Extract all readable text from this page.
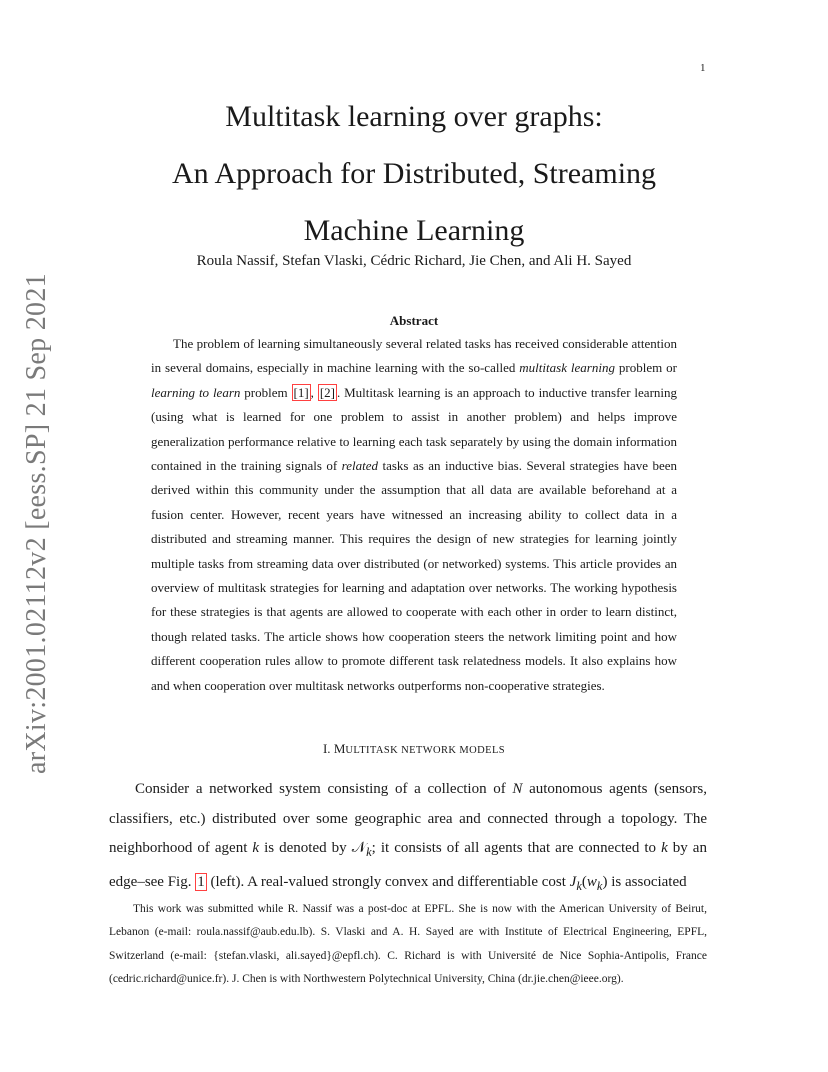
1
arXiv:2001.02112v2 [eess.SP] 21 Sep 2021
Multitask learning over graphs:
An Approach for Distributed, Streaming
Machine Learning
Roula Nassif, Stefan Vlaski, Cédric Richard, Jie Chen, and Ali H. Sayed
Abstract

The problem of learning simultaneously several related tasks has received considerable attention in several domains, especially in machine learning with the so-called multitask learning problem or learning to learn problem [1] , [2] . Multitask learning is an approach to inductive transfer learning (using what is learned for one problem to assist in another problem) and helps improve generalization performance relative to learning each task separately by using the domain information contained in the training signals of related tasks as an inductive bias. Several strategies have been derived within this community under the assumption that all data are available beforehand at a fusion center. However, recent years have witnessed an increasing ability to collect data in a distributed and streaming manner. This requires the design of new strategies for learning jointly multiple tasks from streaming data over distributed (or networked) systems. This article provides an overview of multitask strategies for learning and adaptation over networks. The working hypothesis for these strategies is that agents are allowed to cooperate with each other in order to learn distinct, though related tasks. The article shows how cooperation steers the network limiting point and how different cooperation rules allow to promote different task relatedness models. It also explains how and when cooperation over multitask networks outperforms non-cooperative strategies.

I. MULTITASK NETWORK MODELS

Consider a networked system consisting of a collection of N autonomous agents (sensors, classifiers, etc.) distributed over some geographic area and connected through a topology. The neighborhood of agent k is denoted by 𝒩$_k$; it consists of all agents that are connected to k by an edge–see Fig. 1 (left). A real-valued strongly convex and differentiable cost $J_k(w_k)$ is associated

This work was submitted while R. Nassif was a post-doc at EPFL. She is now with the American University of Beirut, Lebanon (e-mail: roula.nassif@aub.edu.lb). S. Vlaski and A. H. Sayed are with Institute of Electrical Engineering, EPFL, Switzerland (e-mail: {stefan.vlaski, ali.sayed}@epfl.ch). C. Richard is with Université de Nice Sophia-Antipolis, France (cedric.richard@unice.fr). J. Chen is with Northwestern Polytechnical University, China (dr.jie.chen@ieee.org).
